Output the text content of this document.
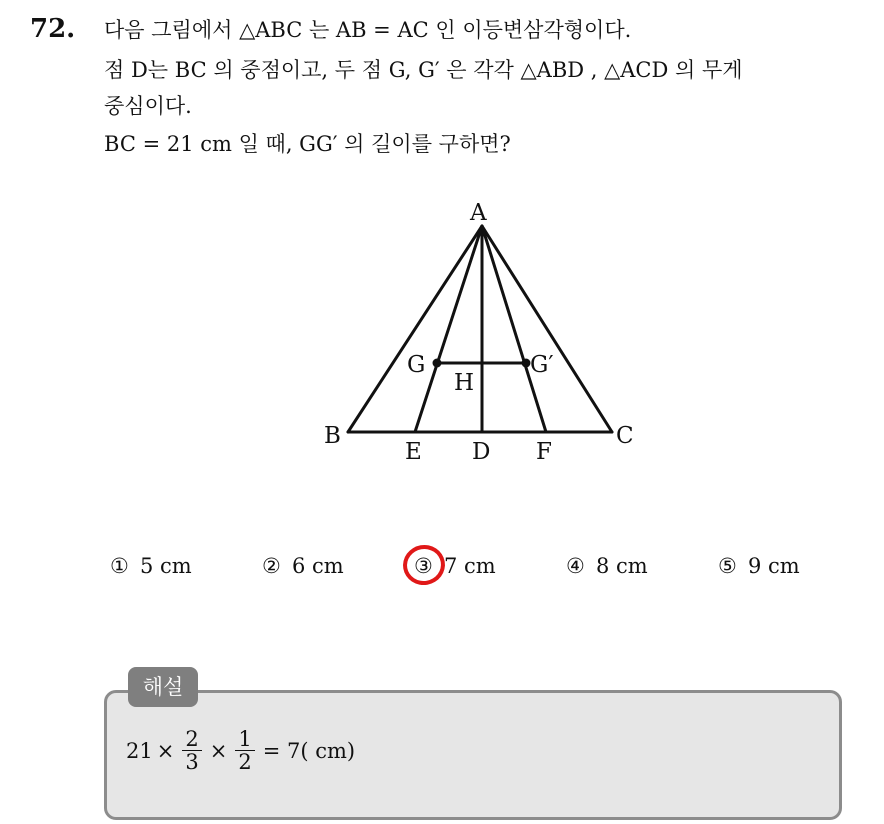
72. 다음 그림에서 △ABC 는 AB = AC 인 이등변삼각형이다.
점 D는 BC 의 중점이고, 두 점 G, G′ 은 각각 △ABD , △ACD 의 무게
중심이다.
BC = 21 cm 일 때, GG′ 의 길이를 구하면?
A
B	C
D
E	F
G	G′
H
① 5 cm	② 6 cm	③ 7 cm	④ 8 cm	⑤ 9 cm
해설
$21 \times \frac{2}{3} \times \frac{1}{2} = 7$( cm)
